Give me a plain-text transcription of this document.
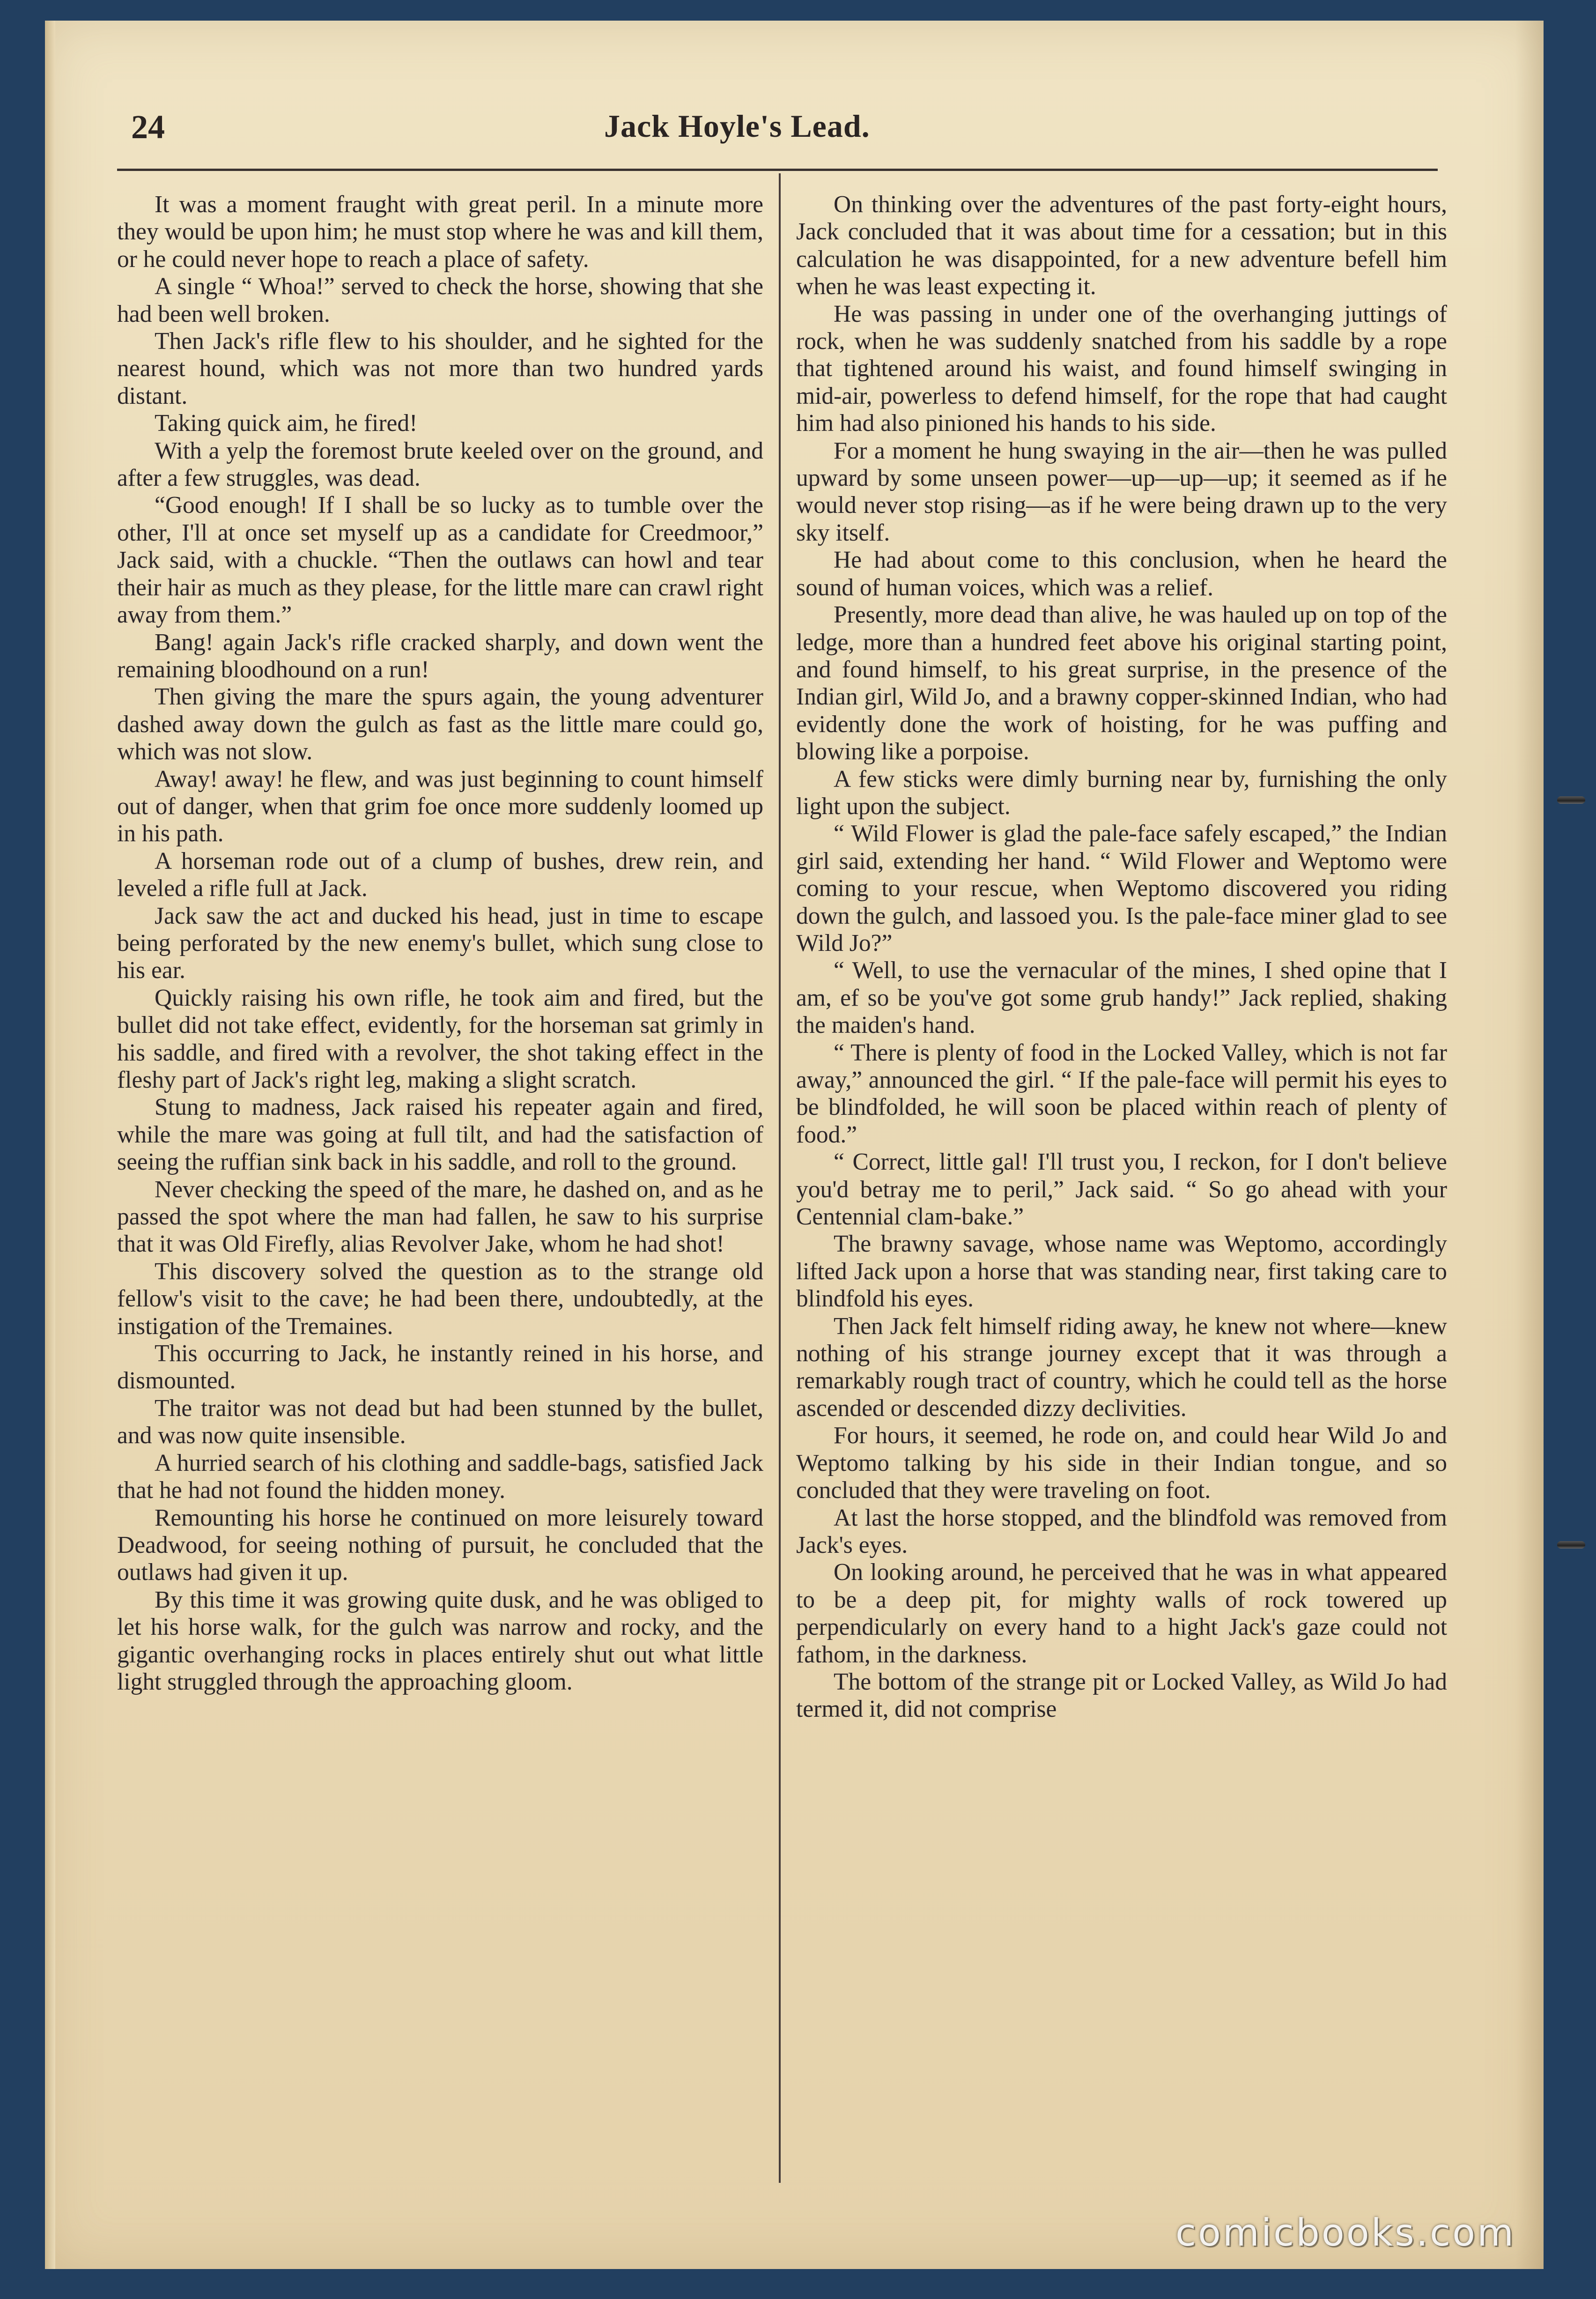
24	Jack Hoyle's Lead.

It was a moment fraught with great peril. In a minute more they would be upon him; he must stop where he was and kill them, or he could never hope to reach a place of safety.

A single “ Whoa!” served to check the horse, showing that she had been well broken.

Then Jack's rifle flew to his shoulder, and he sighted for the nearest hound, which was not more than two hundred yards distant.

Taking quick aim, he fired!

With a yelp the foremost brute keeled over on the ground, and after a few struggles, was dead.

“Good enough! If I shall be so lucky as to tumble over the other, I'll at once set myself up as a candidate for Creedmoor,” Jack said, with a chuckle. “Then the outlaws can howl and tear their hair as much as they please, for the little mare can crawl right away from them.”

Bang! again Jack's rifle cracked sharply, and down went the remaining bloodhound on a run!

Then giving the mare the spurs again, the young adventurer dashed away down the gulch as fast as the little mare could go, which was not slow.

Away! away! he flew, and was just beginning to count himself out of danger, when that grim foe once more suddenly loomed up in his path.

A horseman rode out of a clump of bushes, drew rein, and leveled a rifle full at Jack.

Jack saw the act and ducked his head, just in time to escape being perforated by the new enemy's bullet, which sung close to his ear.

Quickly raising his own rifle, he took aim and fired, but the bullet did not take effect, evidently, for the horseman sat grimly in his saddle, and fired with a revolver, the shot taking effect in the fleshy part of Jack's right leg, making a slight scratch.

Stung to madness, Jack raised his repeater again and fired, while the mare was going at full tilt, and had the satisfaction of seeing the ruffian sink back in his saddle, and roll to the ground.

Never checking the speed of the mare, he dashed on, and as he passed the spot where the man had fallen, he saw to his surprise that it was Old Firefly, alias Revolver Jake, whom he had shot!

This discovery solved the question as to the strange old fellow's visit to the cave; he had been there, undoubtedly, at the instigation of the Tremaines.

This occurring to Jack, he instantly reined in his horse, and dismounted.

The traitor was not dead but had been stunned by the bullet, and was now quite insensible.

A hurried search of his clothing and saddle-bags, satisfied Jack that he had not found the hidden money.

Remounting his horse he continued on more leisurely toward Deadwood, for seeing nothing of pursuit, he concluded that the outlaws had given it up.

By this time it was growing quite dusk, and he was obliged to let his horse walk, for the gulch was narrow and rocky, and the gigantic overhanging rocks in places entirely shut out what little light struggled through the approaching gloom.

On thinking over the adventures of the past forty-eight hours, Jack concluded that it was about time for a cessation; but in this calculation he was disappointed, for a new adventure befell him when he was least expecting it.

He was passing in under one of the overhanging juttings of rock, when he was suddenly snatched from his saddle by a rope that tightened around his waist, and found himself swinging in mid-air, powerless to defend himself, for the rope that had caught him had also pinioned his hands to his side.

For a moment he hung swaying in the air—then he was pulled upward by some unseen power—up—up—up; it seemed as if he would never stop rising—as if he were being drawn up to the very sky itself.

He had about come to this conclusion, when he heard the sound of human voices, which was a relief.

Presently, more dead than alive, he was hauled up on top of the ledge, more than a hundred feet above his original starting point, and found himself, to his great surprise, in the presence of the Indian girl, Wild Jo, and a brawny copper-skinned Indian, who had evidently done the work of hoisting, for he was puffing and blowing like a porpoise.

A few sticks were dimly burning near by, furnishing the only light upon the subject.

“ Wild Flower is glad the pale-face safely escaped,” the Indian girl said, extending her hand. “ Wild Flower and Weptomo were coming to your rescue, when Weptomo discovered you riding down the gulch, and lassoed you. Is the pale-face miner glad to see Wild Jo?”

“ Well, to use the vernacular of the mines, I shed opine that I am, ef so be you've got some grub handy!” Jack replied, shaking the maiden's hand.

“ There is plenty of food in the Locked Valley, which is not far away,” announced the girl. “ If the pale-face will permit his eyes to be blindfolded, he will soon be placed within reach of plenty of food.”

“ Correct, little gal! I'll trust you, I reckon, for I don't believe you'd betray me to peril,” Jack said. “ So go ahead with your Centennial clam-bake.”

The brawny savage, whose name was Weptomo, accordingly lifted Jack upon a horse that was standing near, first taking care to blindfold his eyes.

Then Jack felt himself riding away, he knew not where—knew nothing of his strange journey except that it was through a remarkably rough tract of country, which he could tell as the horse ascended or descended dizzy declivities.

For hours, it seemed, he rode on, and could hear Wild Jo and Weptomo talking by his side in their Indian tongue, and so concluded that they were traveling on foot.

At last the horse stopped, and the blindfold was removed from Jack's eyes.

On looking around, he perceived that he was in what appeared to be a deep pit, for mighty walls of rock towered up perpendicularly on every hand to a hight Jack's gaze could not fathom, in the darkness.

The bottom of the strange pit or Locked Valley, as Wild Jo had termed it, did not comprise

comicbooks.com
